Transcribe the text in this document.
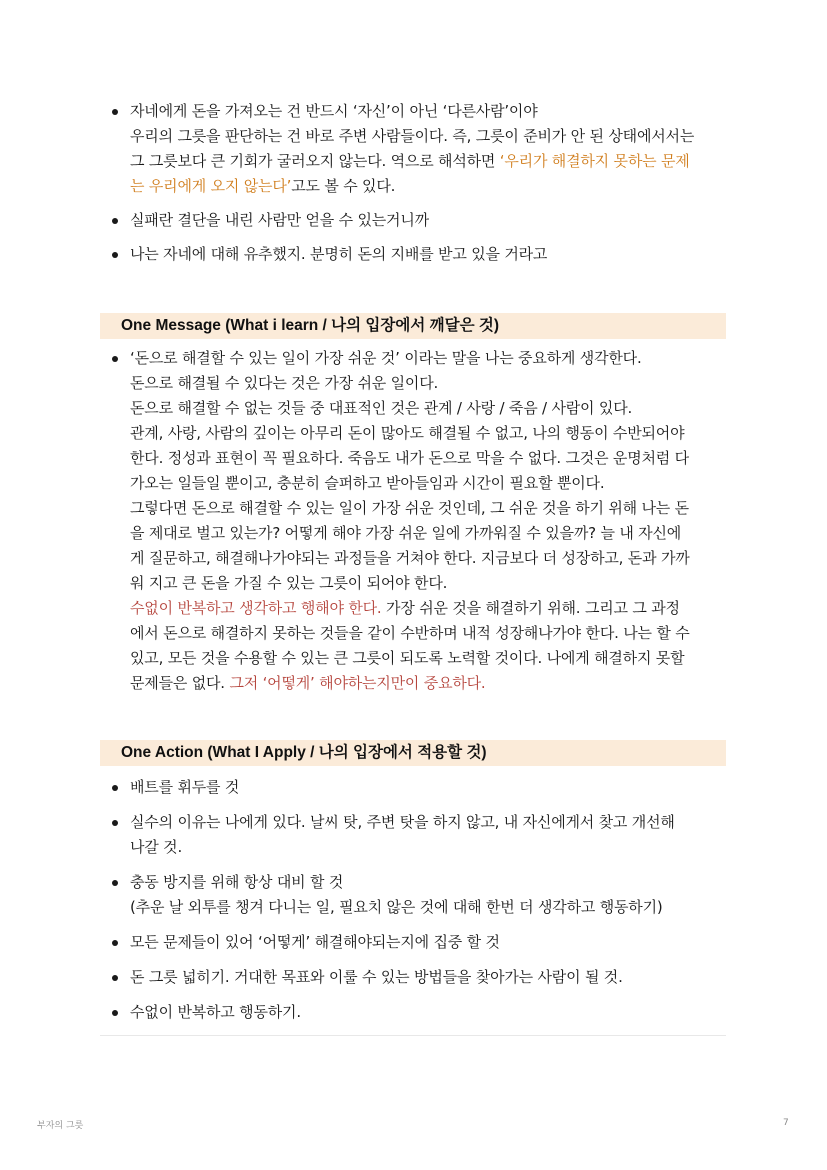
자네에게 돈을 가져오는 건 반드시 ‘자신’이 아닌 ‘다른사람’이야
우리의 그릇을 판단하는 건 바로 주변 사람들이다. 즉, 그릇이 준비가 안 된 상태에서서는
그 그릇보다 큰 기회가 굴러오지 않는다. 역으로 해석하면 ‘우리가 해결하지 못하는 문제
는 우리에게 오지 않는다’고도 볼 수 있다.
실패란 결단을 내린 사람만 얻을 수 있는거니까
나는 자네에 대해 유추했지. 분명히 돈의 지배를 받고 있을 거라고
One Message (What i learn / 나의 입장에서 깨달은 것)
‘돈으로 해결할 수 있는 일이 가장 쉬운 것’ 이라는 말을 나는 중요하게 생각한다.
돈으로 해결될 수 있다는 것은 가장 쉬운 일이다.
돈으로 해결할 수 없는 것들 중 대표적인 것은 관계 / 사랑 / 죽음 / 사람이 있다.
관계, 사랑, 사람의 깊이는 아무리 돈이 많아도 해결될 수 없고, 나의 행동이 수반되어야
한다. 정성과 표현이 꼭 필요하다. 죽음도 내가 돈으로 막을 수 없다. 그것은 운명처럼 다
가오는 일들일 뿐이고, 충분히 슬퍼하고 받아들임과 시간이 필요할 뿐이다.
그렇다면 돈으로 해결할 수 있는 일이 가장 쉬운 것인데, 그 쉬운 것을 하기 위해 나는 돈
을 제대로 벌고 있는가? 어떻게 해야 가장 쉬운 일에 가까워질 수 있을까? 늘 내 자신에
게 질문하고, 해결해나가야되는 과정들을 거쳐야 한다. 지금보다 더 성장하고, 돈과 가까
워 지고 큰 돈을 가질 수 있는 그릇이 되어야 한다.
수없이 반복하고 생각하고 행해야 한다. 가장 쉬운 것을 해결하기 위해. 그리고 그 과정
에서 돈으로 해결하지 못하는 것들을 같이 수반하며 내적 성장해나가야 한다. 나는 할 수
있고, 모든 것을 수용할 수 있는 큰 그릇이 되도록 노력할 것이다. 나에게 해결하지 못할
문제들은 없다. 그저 ‘어떻게’ 해야하는지만이 중요하다.
One Action (What I Apply / 나의 입장에서 적용할 것)
배트를 휘두를 것
실수의 이유는 나에게 있다. 날씨 탓, 주변 탓을 하지 않고, 내 자신에게서 찾고 개선해
나갈 것.
충동 방지를 위해 항상 대비 할 것
(추운 날 외투를 챙겨 다니는 일, 필요치 않은 것에 대해 한번 더 생각하고 행동하기)
모든 문제들이 있어 ‘어떻게’ 해결해야되는지에 집중 할 것
돈 그릇 넓히기. 거대한 목표와 이룰 수 있는 방법들을 찾아가는 사람이 될 것.
수없이 반복하고 행동하기.
부자의 그릇	7
